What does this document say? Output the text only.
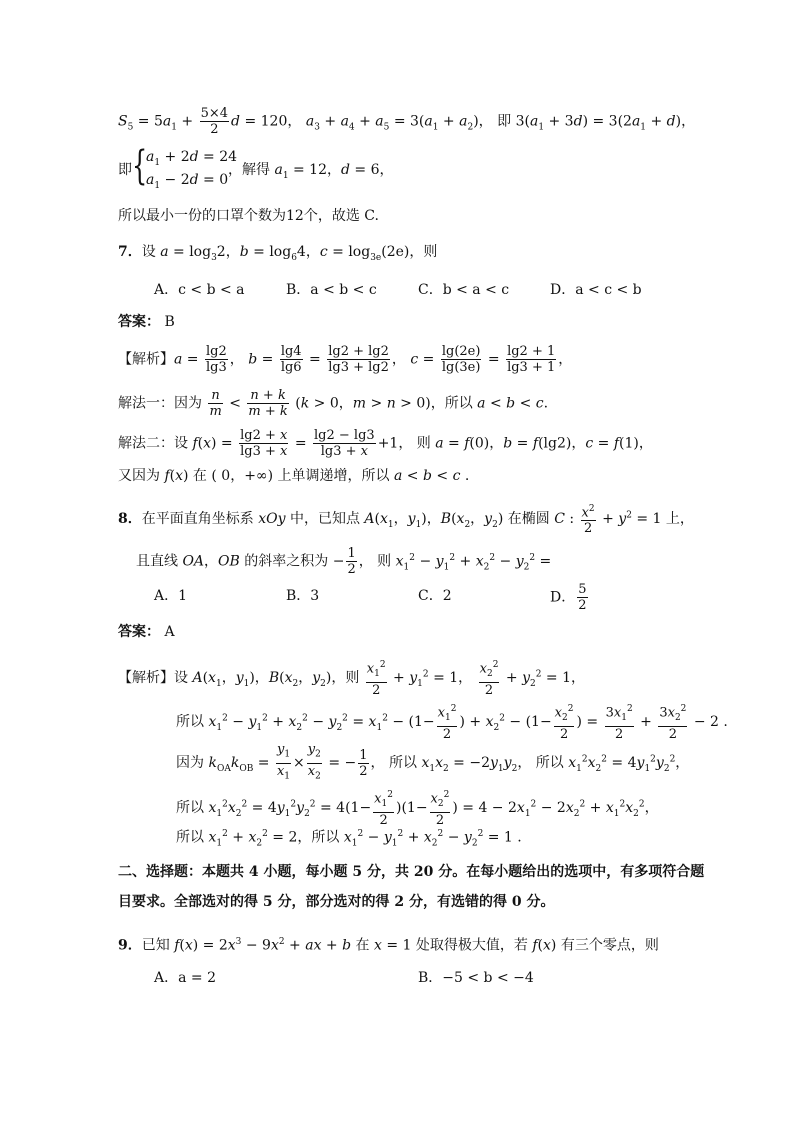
$S_5 = 5a_1 + \frac{5\times 4}{2}$ d = 120， $a_3 + a_4 + a_5 = 3(a_1 + a_2)$， 即 $3(a_1 + 3d) = 3(2a_1 + d)$，
即 {
$a_1 + 2d = 24$
$a_1 - 2d = 0$
，解得 $a_1 = 12$，d = 6，
所以最小一份的口罩个数为12个，故选 C.
7．设 $a = \log_32$，$b = \log_64$，$c = \log_{3e}(2e)$，则
A．c < b < a	B．a < b < c	C．b < a < c	D．a < c < b
答案： B
【解析】$a = \frac{\lg 2}{\lg 3}$ ， $b = \frac{\lg 4}{\lg 6} = \frac{\lg 2 + \lg 2}{\lg 3 + \lg 2}$ ， $c = \frac{\lg(2e)}{\lg(3e)} = \frac{\lg 2 + 1}{\lg 3 + 1}$ ，
解法一：因为 $\frac{n}{m} < \frac{n + k}{m + k} (k > 0$，m > n > 0)，所以 a < b < c.
解法二：设 $f(x) = \frac{\lg 2 + x}{\lg 3 + x} = \frac{\lg 2 - \lg 3}{\lg 3 + x} +1$， 则 a = f(0)，b = f(lg2)，c = f(1)，
又因为 f(x) 在 ( 0，+∞) 上单调递增，所以 a < b < c .
8．在平面直角坐标系 xOy 中，已知点 $A(x_1$，$y_1$)，$B(x_2$，$y_2$) 在椭圆 C : $\frac{x^2}{2} + y^2 = 1$ 上，
且直线 OA，OB 的斜率之积为 − $\frac{1}{2}$ ， 则 $x_1^2 - y_1^2 + x_2^2 - y_2^2$ =
A．1	B．3	C．2	D． $\frac{5}{2}$
答案： A
【解析】设 $A(x_1$，$y_1$)，$B(x_2$，$y_2$)，则 $\frac{x_1^2}{2} + y_1^2 = 1$， $\frac{x_2^2}{2} + y_2^2 = 1$，
所以 $x_1^2 - y_1^2 + x_2^2 - y_2^2 = x_1^2 - (1- \frac{x_1^2}{2}$ ) + $x_2^2 - (1- \frac{x_2^2}{2}$ ) = $\frac{3x_1^2}{2} + \frac{3x_2^2}{2} - 2$ .
因为 $k_{OA}k_{OB} = \frac{y_1}{x_1} \times \frac{y_2}{x_2}$ = − $\frac{1}{2}$ ， 所以 $x_1x_2 = -2y_1y_2$， 所以 $x_1^2x_2^2 = 4y_1^2y_2^2$，
所以 $x_1^2x_2^2 = 4y_1^2y_2^2 = 4(1- \frac{x_1^2}{2} )(1- \frac{x_2^2}{2}$ ) = $4 - 2x_1^2 - 2x_2^2 + x_1^2x_2^2$，
所以 $x_1^2 + x_2^2 = 2$，所以 $x_1^2 - y_1^2 + x_2^2 - y_2^2 = 1$ .
二、选择题：本题共 4 小题，每小题 5 分，共 20 分。在每小题给出的选项中，有多项符合题
目要求。全部选对的得 5 分，部分选对的得 2 分，有选错的得 0 分。
9．已知 $f(x) = 2x^3 - 9x^2$ + ax + b 在 x = 1 处取得极大值，若 f(x) 有三个零点，则
A．a = 2	B．−5 < b < −4
